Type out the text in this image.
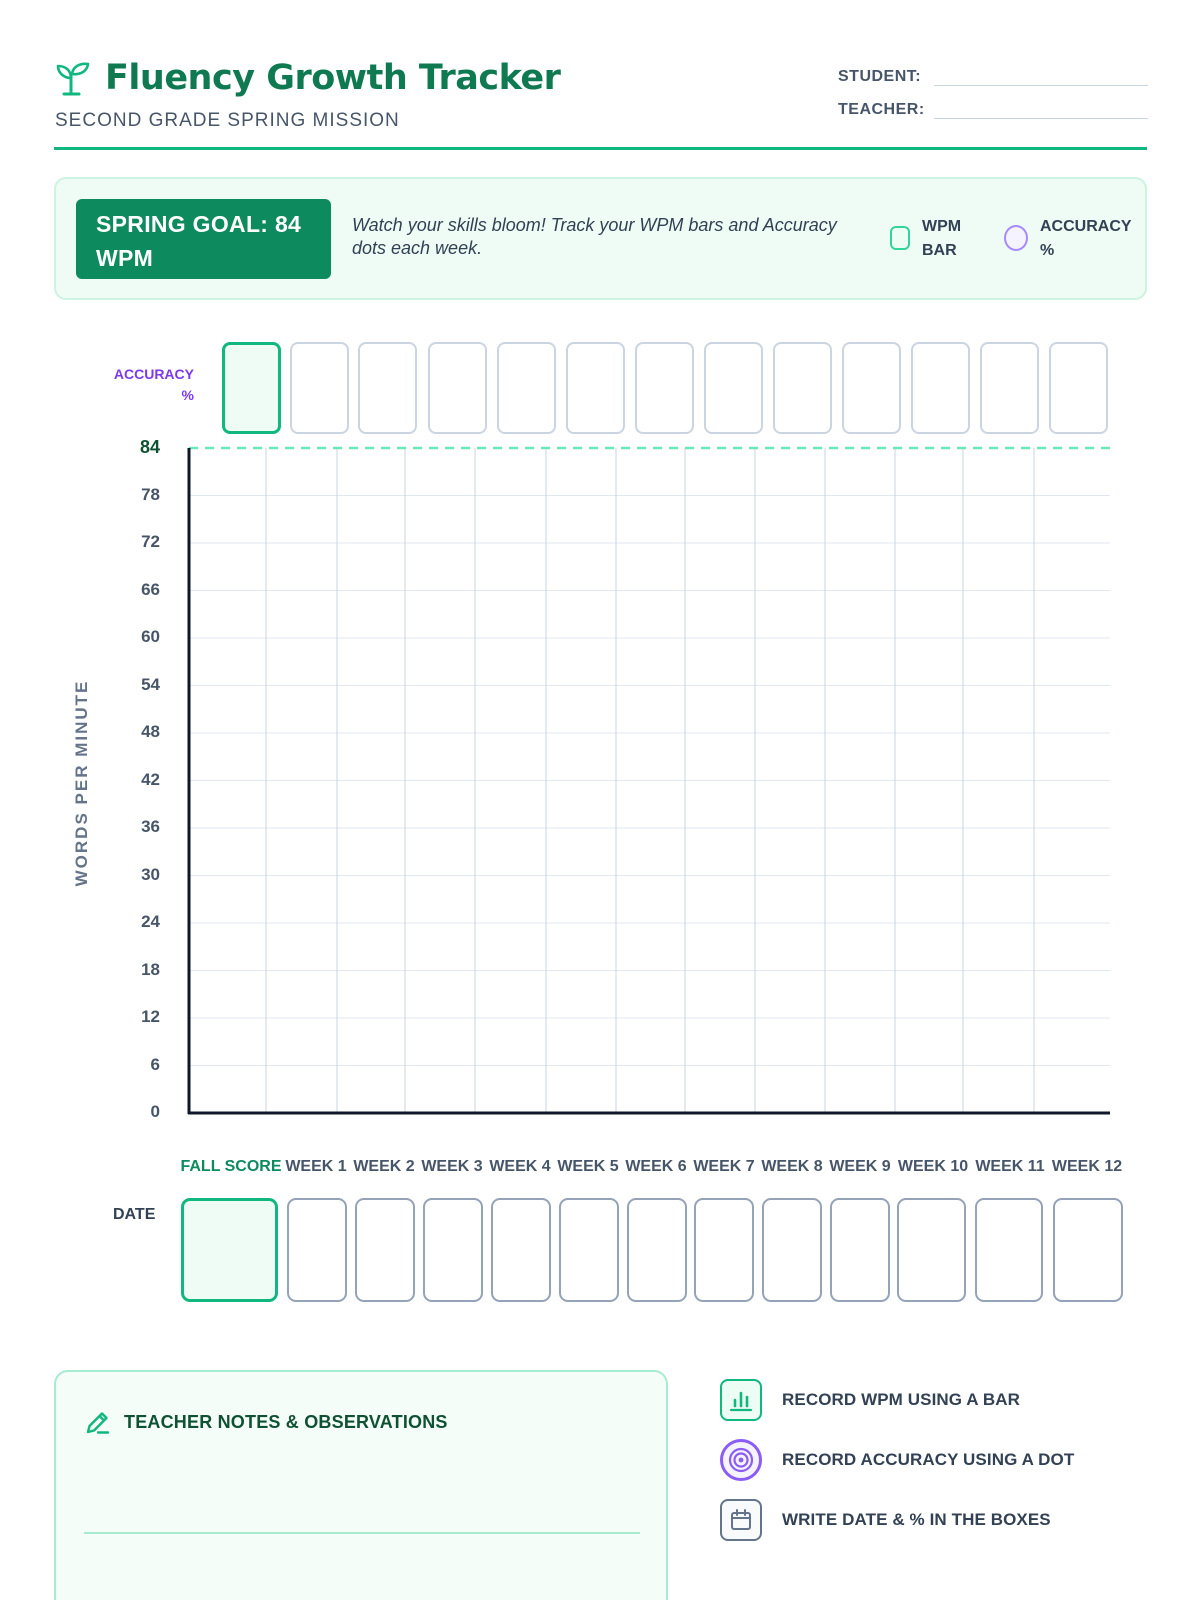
Fluency Growth Tracker
SECOND GRADE SPRING MISSION
STUDENT:
TEACHER:
SPRING GOAL: 84 WPM
Watch your skills bloom! Track your WPM bars and Accuracy dots each week.
WPM BAR
ACCURACY %
ACCURACY %
WORDS PER MINUTE
0
6
12
18
24
30
36
42
48
54
60
66
72
78
84
FALL SCORE WEEK 1 WEEK 2 WEEK 3 WEEK 4 WEEK 5 WEEK 6 WEEK 7 WEEK 8 WEEK 9 WEEK 10 WEEK 11 WEEK 12
DATE
TEACHER NOTES & OBSERVATIONS
RECORD WPM USING A BAR
RECORD ACCURACY USING A DOT
WRITE DATE & % IN THE BOXES
